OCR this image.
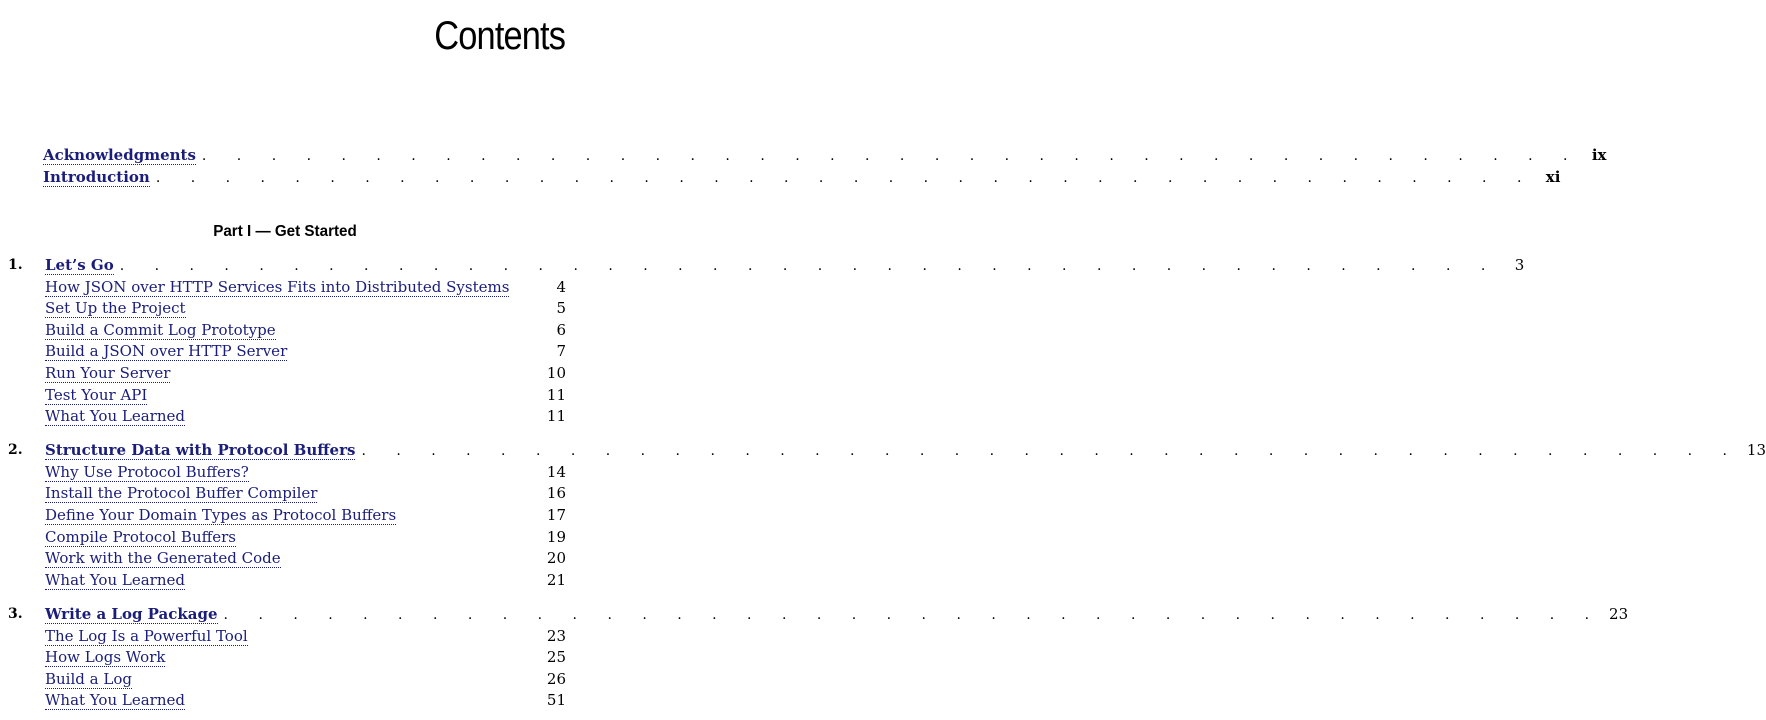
Contents
Acknowledgments . . . . . . . . . . . . . . . . . . . . . . . . . . . . . . . . . . . . . . . . ix
Introduction . . . . . . . . . . . . . . . . . . . . . . . . . . . . . . . . . . . . . . . . xi
Part I — Get Started
1. Let’s Go . . . . . . . . . . . . . . . . . . . . . . . . . . . . . . . . . . . . . . . .	3
How JSON over HTTP Services Fits into Distributed Systems	4
Set Up the Project	5
Build a Commit Log Prototype	6
Build a JSON over HTTP Server	7
Run Your Server	10
Test Your API	11
What You Learned	11
2. Structure Data with Protocol Buffers . . . . . . . . . . . . . . . . . . . . . . . . . . . . . . . . . . . . . . . . 13
Why Use Protocol Buffers?	14
Install the Protocol Buffer Compiler	16
Define Your Domain Types as Protocol Buffers	17
Compile Protocol Buffers	19
Work with the Generated Code	20
What You Learned	21
3. Write a Log Package . . . . . . . . . . . . . . . . . . . . . . . . . . . . . . . . . . . . . . . . 23
The Log Is a Powerful Tool	23
How Logs Work	25
Build a Log	26
What You Learned	51
